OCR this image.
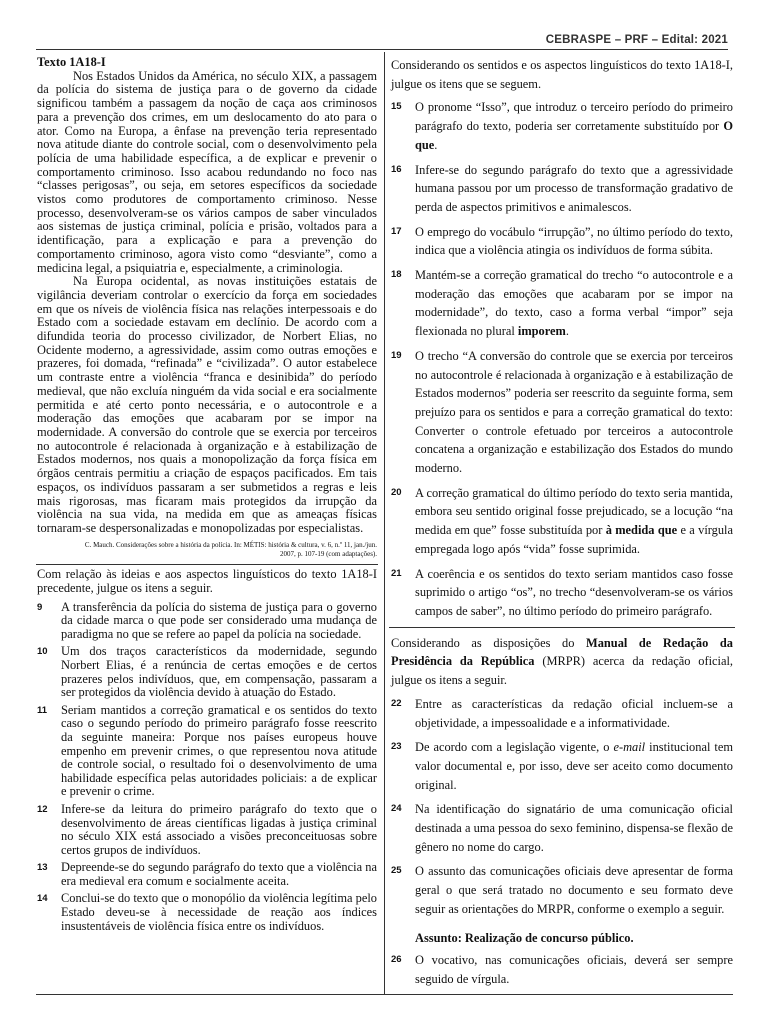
CEBRASPE – PRF – Edital: 2021
Texto 1A18-I

Nos Estados Unidos da América, no século XIX, a passagem da polícia do sistema de justiça para o de governo da cidade significou também a passagem da noção de caça aos criminosos para a prevenção dos crimes, em um deslocamento do ato para o ator. Como na Europa, a ênfase na prevenção teria representado nova atitude diante do controle social, com o desenvolvimento pela polícia de uma habilidade específica, a de explicar e prevenir o comportamento criminoso. Isso acabou redundando no foco nas “classes perigosas”, ou seja, em setores específicos da sociedade vistos como produtores de comportamento criminoso. Nesse processo, desenvolveram-se os vários campos de saber vinculados aos sistemas de justiça criminal, polícia e prisão, voltados para a identificação, para a explicação e para a prevenção do comportamento criminoso, agora visto como “desviante”, como a medicina legal, a psiquiatria e, especialmente, a criminologia.

Na Europa ocidental, as novas instituições estatais de vigilância deveriam controlar o exercício da força em sociedades em que os níveis de violência física nas relações interpessoais e do Estado com a sociedade estavam em declínio. De acordo com a difundida teoria do processo civilizador, de Norbert Elias, no Ocidente moderno, a agressividade, assim como outras emoções e prazeres, foi domada, “refinada” e “civilizada”. O autor estabelece um contraste entre a violência “franca e desinibida” do período medieval, que não excluía ninguém da vida social e era socialmente permitida e até certo ponto necessária, e o autocontrole e a moderação das emoções que acabaram por se impor na modernidade. A conversão do controle que se exercia por terceiros no autocontrole é relacionada à organização e à estabilização de Estados modernos, nos quais a monopolização da força física em órgãos centrais permitiu a criação de espaços pacificados. Em tais espaços, os indivíduos passaram a ser submetidos a regras e leis mais rigorosas, mas ficaram mais protegidos da irrupção da violência na sua vida, na medida em que as ameaças físicas tornaram-se despersonalizadas e monopolizadas por especialistas.

C. Mauch. Considerações sobre a história da polícia. In: MÉTIS: história & cultura, v. 6, n.º 11, jan./jun. 2007, p. 107-19 (com adaptações).
Com relação às ideias e aos aspectos linguísticos do texto 1A18-I precedente, julgue os itens a seguir.
9	A transferência da polícia do sistema de justiça para o governo da cidade marca o que pode ser considerado uma mudança de paradigma no que se refere ao papel da polícia na sociedade.
10	Um dos traços característicos da modernidade, segundo Norbert Elias, é a renúncia de certas emoções e de certos prazeres pelos indivíduos, que, em compensação, passaram a ser protegidos da violência devido à atuação do Estado.
11	Seriam mantidos a correção gramatical e os sentidos do texto caso o segundo período do primeiro parágrafo fosse reescrito da seguinte maneira: Porque nos países europeus houve empenho em prevenir crimes, o que representou nova atitude de controle social, o resultado foi o desenvolvimento de uma habilidade específica pelas autoridades policiais: a de explicar e prevenir o crime.
12	Infere-se da leitura do primeiro parágrafo do texto que o desenvolvimento de áreas científicas ligadas à justiça criminal no século XIX está associado a visões preconceituosas sobre certos grupos de indivíduos.
13	Depreende-se do segundo parágrafo do texto que a violência na era medieval era comum e socialmente aceita.
14	Conclui-se do texto que o monopólio da violência legítima pelo Estado deveu-se à necessidade de reação aos índices insustentáveis de violência física entre os indivíduos.
Considerando os sentidos e os aspectos linguísticos do texto 1A18-I, julgue os itens que se seguem.
15	O pronome “Isso”, que introduz o terceiro período do primeiro parágrafo do texto, poderia ser corretamente substituído por O que.
16	Infere-se do segundo parágrafo do texto que a agressividade humana passou por um processo de transformação gradativo de perda de aspectos primitivos e animalescos.
17	O emprego do vocábulo “irrupção”, no último período do texto, indica que a violência atingia os indivíduos de forma súbita.
18	Mantém-se a correção gramatical do trecho “o autocontrole e a moderação das emoções que acabaram por se impor na modernidade”, do texto, caso a forma verbal “impor” seja flexionada no plural imporem.
19	O trecho “A conversão do controle que se exercia por terceiros no autocontrole é relacionada à organização e à estabilização de Estados modernos” poderia ser reescrito da seguinte forma, sem prejuízo para os sentidos e para a correção gramatical do texto: Converter o controle efetuado por terceiros a autocontrole concatena a organização e estabilização dos Estados do mundo moderno.
20	A correção gramatical do último período do texto seria mantida, embora seu sentido original fosse prejudicado, se a locução “na medida em que” fosse substituída por à medida que e a vírgula empregada logo após “vida” fosse suprimida.
21	A coerência e os sentidos do texto seriam mantidos caso fosse suprimido o artigo “os”, no trecho “desenvolveram-se os vários campos de saber”, no último período do primeiro parágrafo.
Considerando as disposições do Manual de Redação da Presidência da República (MRPR) acerca da redação oficial, julgue os itens a seguir.
22	Entre as características da redação oficial incluem-se a objetividade, a impessoalidade e a informatividade.
23	De acordo com a legislação vigente, o e-mail institucional tem valor documental e, por isso, deve ser aceito como documento original.
24	Na identificação do signatário de uma comunicação oficial destinada a uma pessoa do sexo feminino, dispensa-se flexão de gênero no nome do cargo.
25	O assunto das comunicações oficiais deve apresentar de forma geral o que será tratado no documento e seu formato deve seguir as orientações do MRPR, conforme o exemplo a seguir.
Assunto: Realização de concurso público.
26	O vocativo, nas comunicações oficiais, deverá ser sempre seguido de vírgula.
